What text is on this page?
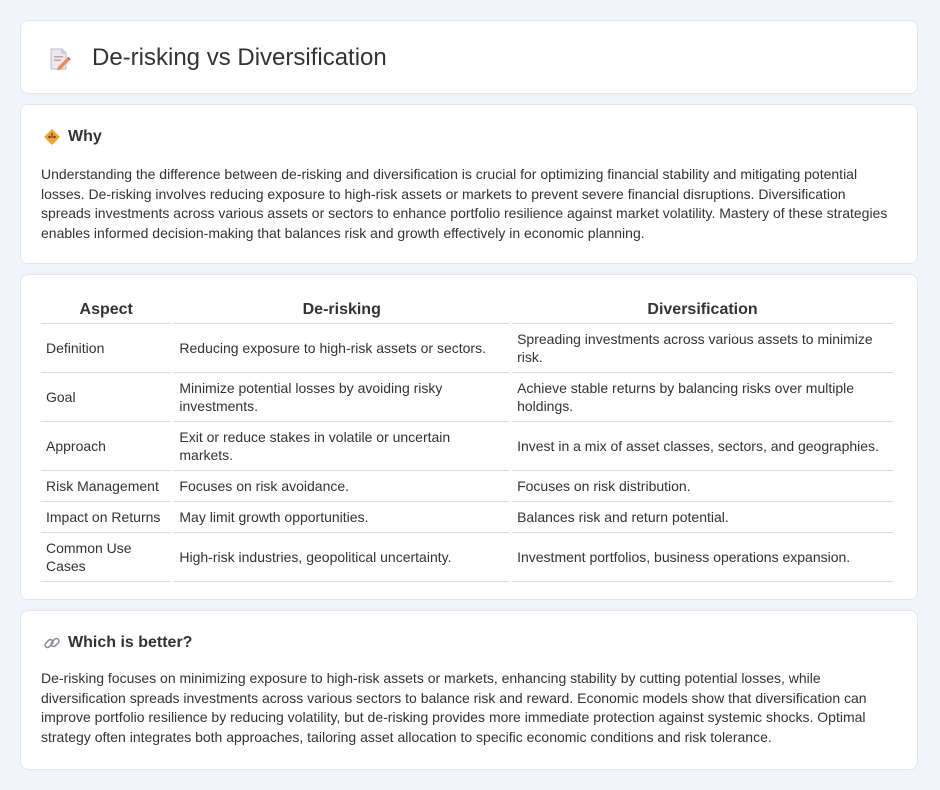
De-risking vs Diversification
Why

Understanding the difference between de-risking and diversification is crucial for optimizing financial stability and mitigating potential losses. De-risking involves reducing exposure to high-risk assets or markets to prevent severe financial disruptions. Diversification spreads investments across various assets or sectors to enhance portfolio resilience against market volatility. Mastery of these strategies enables informed decision-making that balances risk and growth effectively in economic planning.

Aspect	De-risking	Diversification
Definition	Reducing exposure to high-risk assets or sectors.	Spreading investments across various assets to minimize risk.
Goal	Minimize potential losses by avoiding risky investments.	Achieve stable returns by balancing risks over multiple holdings.
Approach	Exit or reduce stakes in volatile or uncertain markets.	Invest in a mix of asset classes, sectors, and geographies.
Risk Management	Focuses on risk avoidance.	Focuses on risk distribution.
Impact on Returns	May limit growth opportunities.	Balances risk and return potential.
Common Use Cases	High-risk industries, geopolitical uncertainty.	Investment portfolios, business operations expansion.
Which is better?

De-risking focuses on minimizing exposure to high-risk assets or markets, enhancing stability by cutting potential losses, while diversification spreads investments across various sectors to balance risk and reward. Economic models show that diversification can improve portfolio resilience by reducing volatility, but de-risking provides more immediate protection against systemic shocks. Optimal strategy often integrates both approaches, tailoring asset allocation to specific economic conditions and risk tolerance.
